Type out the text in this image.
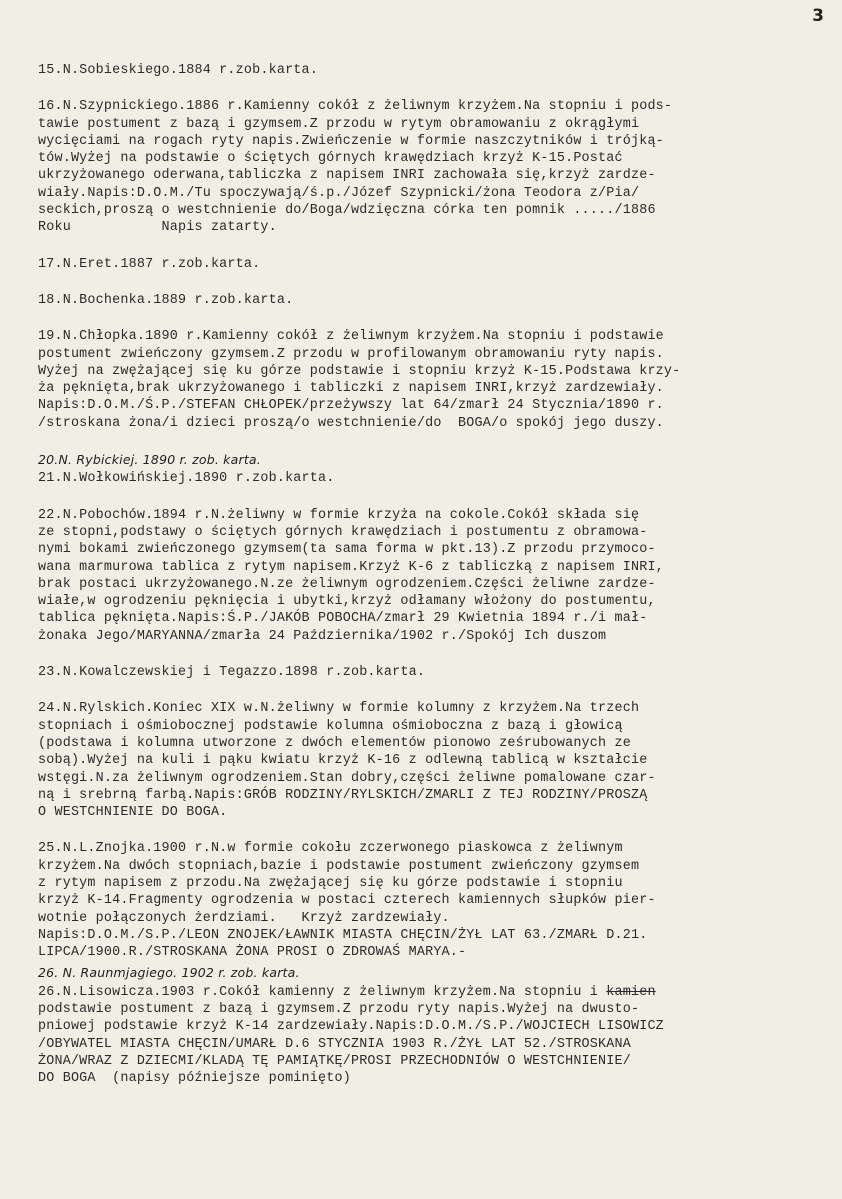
3
15.N.Sobieskiego.1884 r.zob.karta.
16.N.Szypnickiego.1886 r.Kamienny cokół z żeliwnym krzyżem.Na stopniu i pods-
tawie postument z bazą i gzymsem.Z przodu w rytym obramowaniu z okrągłymi
wycięciami na rogach ryty napis.Zwieńczenie w formie naszczytników i trójką-
tów.Wyżej na podstawie o ściętych górnych krawędziach krzyż K-15.Postać
ukrzyżowanego oderwana,tabliczka z napisem INRI zachowała się,krzyż zardze-
wiały.Napis:D.O.M./Tu spoczywają/ś.p./Józef Szypnicki/żona Teodora z/Pia/
seckich,proszą o westchnienie do/Boga/wdzięczna córka ten pomnik ...../1886
Roku           Napis zatarty.
17.N.Eret.1887 r.zob.karta.
18.N.Bochenka.1889 r.zob.karta.
19.N.Chłopka.1890 r.Kamienny cokół z żeliwnym krzyżem.Na stopniu i podstawie
postument zwieńczony gzymsem.Z przodu w profilowanym obramowaniu ryty napis.
Wyżej na zwężającej się ku górze podstawie i stopniu krzyż K-15.Podstawa krzy-
ża pęknięta,brak ukrzyżowanego i tabliczki z napisem INRI,krzyż zardzewiały.
Napis:D.O.M./Ś.P./STEFAN CHŁOPEK/przeżywszy lat 64/zmarł 24 Stycznia/1890 r.
/stroskana żona/i dzieci proszą/o westchnienie/do  BOGA/o spokój jego duszy.
20.N. Rybickiej. 1890 r. zob. karta.
21.N.Wołkowińskiej.1890 r.zob.karta.
22.N.Pobochów.1894 r.N.żeliwny w formie krzyża na cokole.Cokół składa się
ze stopni,podstawy o ściętych górnych krawędziach i postumentu z obramowa-
nymi bokami zwieńczonego gzymsem(ta sama forma w pkt.13).Z przodu przymoco-
wana marmurowa tablica z rytym napisem.Krzyż K-6 z tabliczką z napisem INRI,
brak postaci ukrzyżowanego.N.ze żeliwnym ogrodzeniem.Części żeliwne zardze-
wiałe,w ogrodzeniu pęknięcia i ubytki,krzyż odłamany włożony do postumentu,
tablica pęknięta.Napis:Ś.P./JAKÓB POBOCHA/zmarł 29 Kwietnia 1894 r./i mał-
żonaka Jego/MARYANNA/zmarła 24 Października/1902 r./Spokój Ich duszom
23.N.Kowalczewskiej i Tegazzo.1898 r.zob.karta.
24.N.Rylskich.Koniec XIX w.N.żeliwny w formie kolumny z krzyżem.Na trzech
stopniach i ośmiobocznej podstawie kolumna ośmioboczna z bazą i głowicą
(podstawa i kolumna utworzone z dwóch elementów pionowo ześrubowanych ze
sobą).Wyżej na kuli i pąku kwiatu krzyż K-16 z odlewną tablicą w kształcie
wstęgi.N.za żeliwnym ogrodzeniem.Stan dobry,części żeliwne pomalowane czar-
ną i srebrną farbą.Napis:GRÓB RODZINY/RYLSKICH/ZMARLI Z TEJ RODZINY/PROSZĄ
O WESTCHNIENIE DO BOGA.
25.N.L.Znojka.1900 r.N.w formie cokołu zczerwonego piaskowca z żeliwnym
krzyżem.Na dwóch stopniach,bazie i podstawie postument zwieńczony gzymsem
z rytym napisem z przodu.Na zwężającej się ku górze podstawie i stopniu
krzyż K-14.Fragmenty ogrodzenia w postaci czterech kamiennych słupków pier-
wotnie połączonych żerdziami.   Krzyż zardzewiały.
Napis:D.O.M./S.P./LEON ZNOJEK/ŁAWNIK MIASTA CHĘCIN/ŻYŁ LAT 63./ZMARŁ D.21.
LIPCA/1900.R./STROSKANA ŻONA PROSI O ZDROWAŚ MARYA.-
26. N. Raunmjagiego. 1902 r. zob. karta.
26.N.Lisowicza.1903 r.Cokół kamienny z żeliwnym krzyżem.Na stopniu i kamien
podstawie postument z bazą i gzymsem.Z przodu ryty napis.Wyżej na dwusto-
pniowej podstawie krzyż K-14 zardzewiały.Napis:D.O.M./S.P./WOJCIECH LISOWICZ
/OBYWATEL MIASTA CHĘCIN/UMARŁ D.6 STYCZNIA 1903 R./ŻYŁ LAT 52./STROSKANA
ŻONA/WRAZ Z DZIECMI/KLADĄ TĘ PAMIĄTKĘ/PROSI PRZECHODNIÓW O WESTCHNIENIE/
DO BOGA  (napisy późniejsze pominięto)
